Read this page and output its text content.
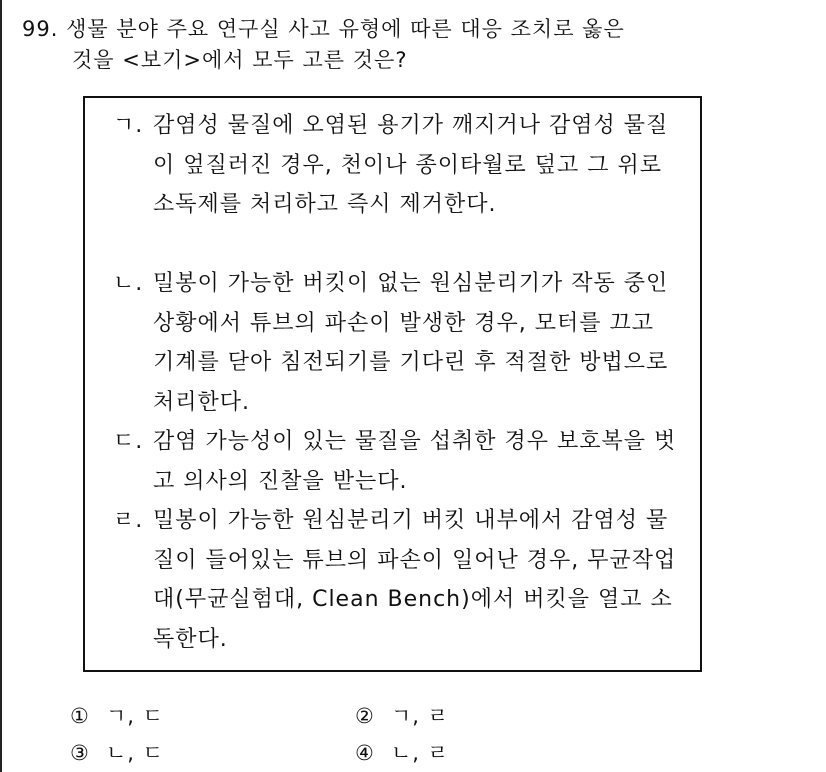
99. 생물 분야 주요 연구실 사고 유형에 따른 대응 조치로 옳은
것을 <보기>에서 모두 고른 것은?
ㄱ. 감염성 물질에 오염된 용기가 깨지거나 감염성 물질이 엎질러진 경우, 천이나 종이타월로 덮고 그 위로 소독제를 처리하고 즉시 제거한다.
ㄴ. 밀봉이 가능한 버킷이 없는 원심분리기가 작동 중인 상황에서 튜브의 파손이 발생한 경우, 모터를 끄고 기계를 닫아 침전되기를 기다린 후 적절한 방법으로 처리한다.
ㄷ. 감염 가능성이 있는 물질을 섭취한 경우 보호복을 벗고 의사의 진찰을 받는다.
ㄹ. 밀봉이 가능한 원심분리기 버킷 내부에서 감염성 물질이 들어있는 튜브의 파손이 일어난 경우, 무균작업대(무균실험대, Clean Bench)에서 버킷을 열고 소독한다.
① ㄱ, ㄷ	② ㄱ, ㄹ
③ ㄴ, ㄷ	④ ㄴ, ㄹ
